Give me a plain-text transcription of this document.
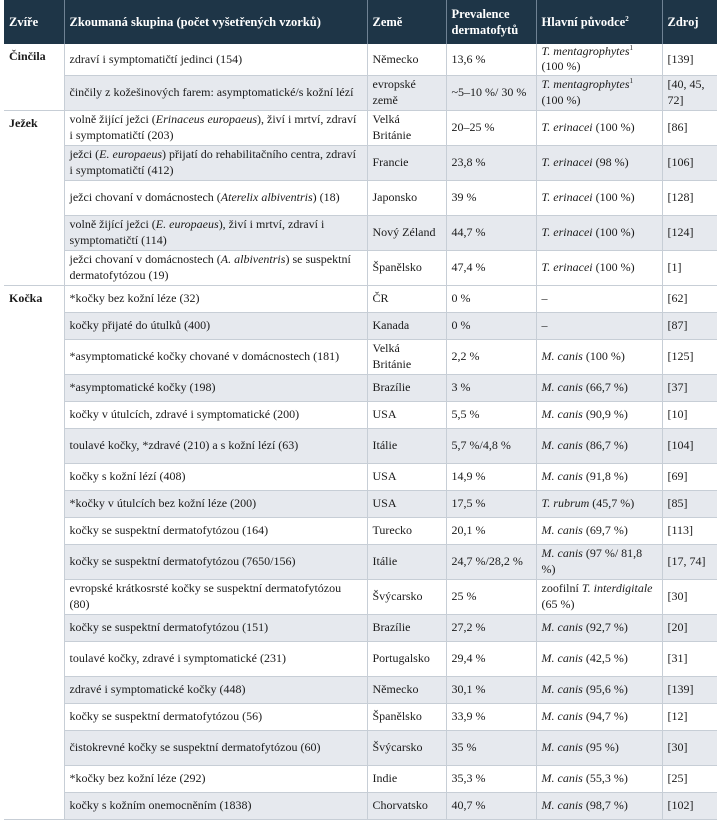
Zvíře	Zkoumaná skupina (počet vyšetřených vzorků)	Země	Prevalence dermatofytů	Hlavní původce$^2$	Zdroj
Činčila	zdraví i symptomatičtí jedinci (154)	Německo	13,6 %	T. mentagrophytes$^1$ (100 %)	[139]
	činčily z kožešinových farem: asymptomatické/s kožní lézí	evropské země	~5–10 %/ 30 %	T. mentagrophytes$^1$ (100 %)	[40, 45, 72]
Ježek	volně žijící ježci (Erinaceus europaeus), živí i mrtví, zdraví i symptomatičtí (203)	Velká Británie	20–25 %	T. erinacei (100 %)	[86]
	ježci (E. europaeus) přijatí do rehabilitačního centra, zdraví i symptomatičtí (412)	Francie	23,8 %	T. erinacei (98 %)	[106]
	ježci chovaní v domácnostech (Aterelix albiventris) (18)	Japonsko	39 %	T. erinacei (100 %)	[128]
	volně žijící ježci (E. europaeus), živí i mrtví, zdraví i symptomatičtí (114)	Nový Zéland	44,7 %	T. erinacei (100 %)	[124]
	ježci chovaní v domácnostech (A. albiventris) se suspektní dermatofytózou (19)	Španělsko	47,4 %	T. erinacei (100 %)	[1]
Kočka	*kočky bez kožní léze (32)	ČR	0 %	–	[62]
	kočky přijaté do útulků (400)	Kanada	0 %	–	[87]
	*asymptomatické kočky chované v domácnostech (181)	Velká Británie	2,2 %	M. canis (100 %)	[125]
	*asymptomatické kočky (198)	Brazílie	3 %	M. canis (66,7 %)	[37]
	kočky v útulcích, zdravé i symptomatické (200)	USA	5,5 %	M. canis (90,9 %)	[10]
	toulavé kočky, *zdravé (210) a s kožní lézí (63)	Itálie	5,7 %/4,8 %	M. canis (86,7 %)	[104]
	kočky s kožní lézí (408)	USA	14,9 %	M. canis (91,8 %)	[69]
	*kočky v útulcích bez kožní léze (200)	USA	17,5 %	T. rubrum (45,7 %)	[85]
	kočky se suspektní dermatofytózou (164)	Turecko	20,1 %	M. canis (69,7 %)	[113]
	kočky se suspektní dermatofytózou (7650/156)	Itálie	24,7 %/28,2 %	M. canis (97 %/ 81,8 %)	[17, 74]
	evropské krátkosrsté kočky se suspektní dermatofytózou (80)	Švýcarsko	25 %	zoofilní T. interdigitale (65 %)	[30]
	kočky se suspektní dermatofytózou (151)	Brazílie	27,2 %	M. canis (92,7 %)	[20]
	toulavé kočky, zdravé i symptomatické (231)	Portugalsko	29,4 %	M. canis (42,5 %)	[31]
	zdravé i symptomatické kočky (448)	Německo	30,1 %	M. canis (95,6 %)	[139]
	kočky se suspektní dermatofytózou (56)	Španělsko	33,9 %	M. canis (94,7 %)	[12]
	čistokrevné kočky se suspektní dermatofytózou (60)	Švýcarsko	35 %	M. canis (95 %)	[30]
	*kočky bez kožní léze (292)	Indie	35,3 %	M. canis (55,3 %)	[25]
	kočky s kožním onemocněním (1838)	Chorvatsko	40,7 %	M. canis (98,7 %)	[102]
